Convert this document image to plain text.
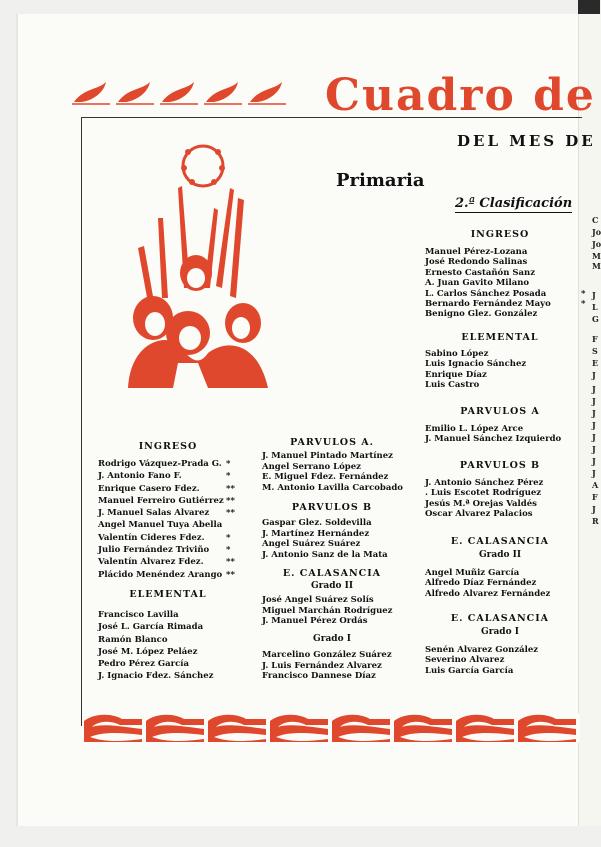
Cuadro de
DEL MES DE
Primaria
2.ª Clasificación
INGRESO
Rodrigo Vázquez-Prada G. *
J. Antonio Fano F.	*
Enrique Casero Fdez.	**
Manuel Ferreiro Gutiérrez **
J. Manuel Salas Alvarez **
Angel Manuel Tuya Abella
Valentín Cideres Fdez.	*
Julio Fernández Triviño *
Valentín Alvarez Fdez.	**
Plácido Menéndez Arango **
ELEMENTAL
Francisco Lavilla
José L. García Rimada
Ramón Blanco
José M. López Peláez
Pedro Pérez García
J. Ignacio Fdez. Sánchez
PARVULOS A.
J. Manuel Pintado Martínez
Angel Serrano López
E. Miguel Fdez. Fernández
M. Antonio Lavilla Carcobado
PARVULOS B
Gaspar Glez. Soldevilla
J. Martínez Hernández
Angel Suárez Suárez
J. Antonio Sanz de la Mata
E. CALASANCIA
Grado II
José Angel Suárez Solís
Miguel Marchán Rodríguez
J. Manuel Pérez Ordás
Grado I
Marcelino González Suárez
J. Luis Fernández Alvarez
Francisco Dannese Díaz
INGRESO
Manuel Pérez-Lozana
José Redondo Salinas
Ernesto Castañón Sanz
A. Juan Gavito Milano
L. Carlos Sánchez Posada	*
Bernardo Fernández Mayo	*
Benigno Glez. González
ELEMENTAL
Sabino López
Luis Ignacio Sánchez
Enrique Díaz
Luis Castro
PARVULOS A
Emilio L. López Arce
J. Manuel Sánchez Izquierdo
PARVULOS B
J. Antonio Sánchez Pérez
. Luis Escotet Rodríguez
Jesús M.ª Orejas Valdés
Oscar Alvarez Palacios
E. CALASANCIA
Grado II
Angel Muñiz García
Alfredo Díaz Fernández
Alfredo Alvarez Fernández
E. CALASANCIA
Grado I
Senén Alvarez González
Severino Alvarez
Luis García García
C
Jo
Jo
M
M
J
L
G
F
S
E
J
J
J
J
J
J
J
J
J
A
F
J
R
